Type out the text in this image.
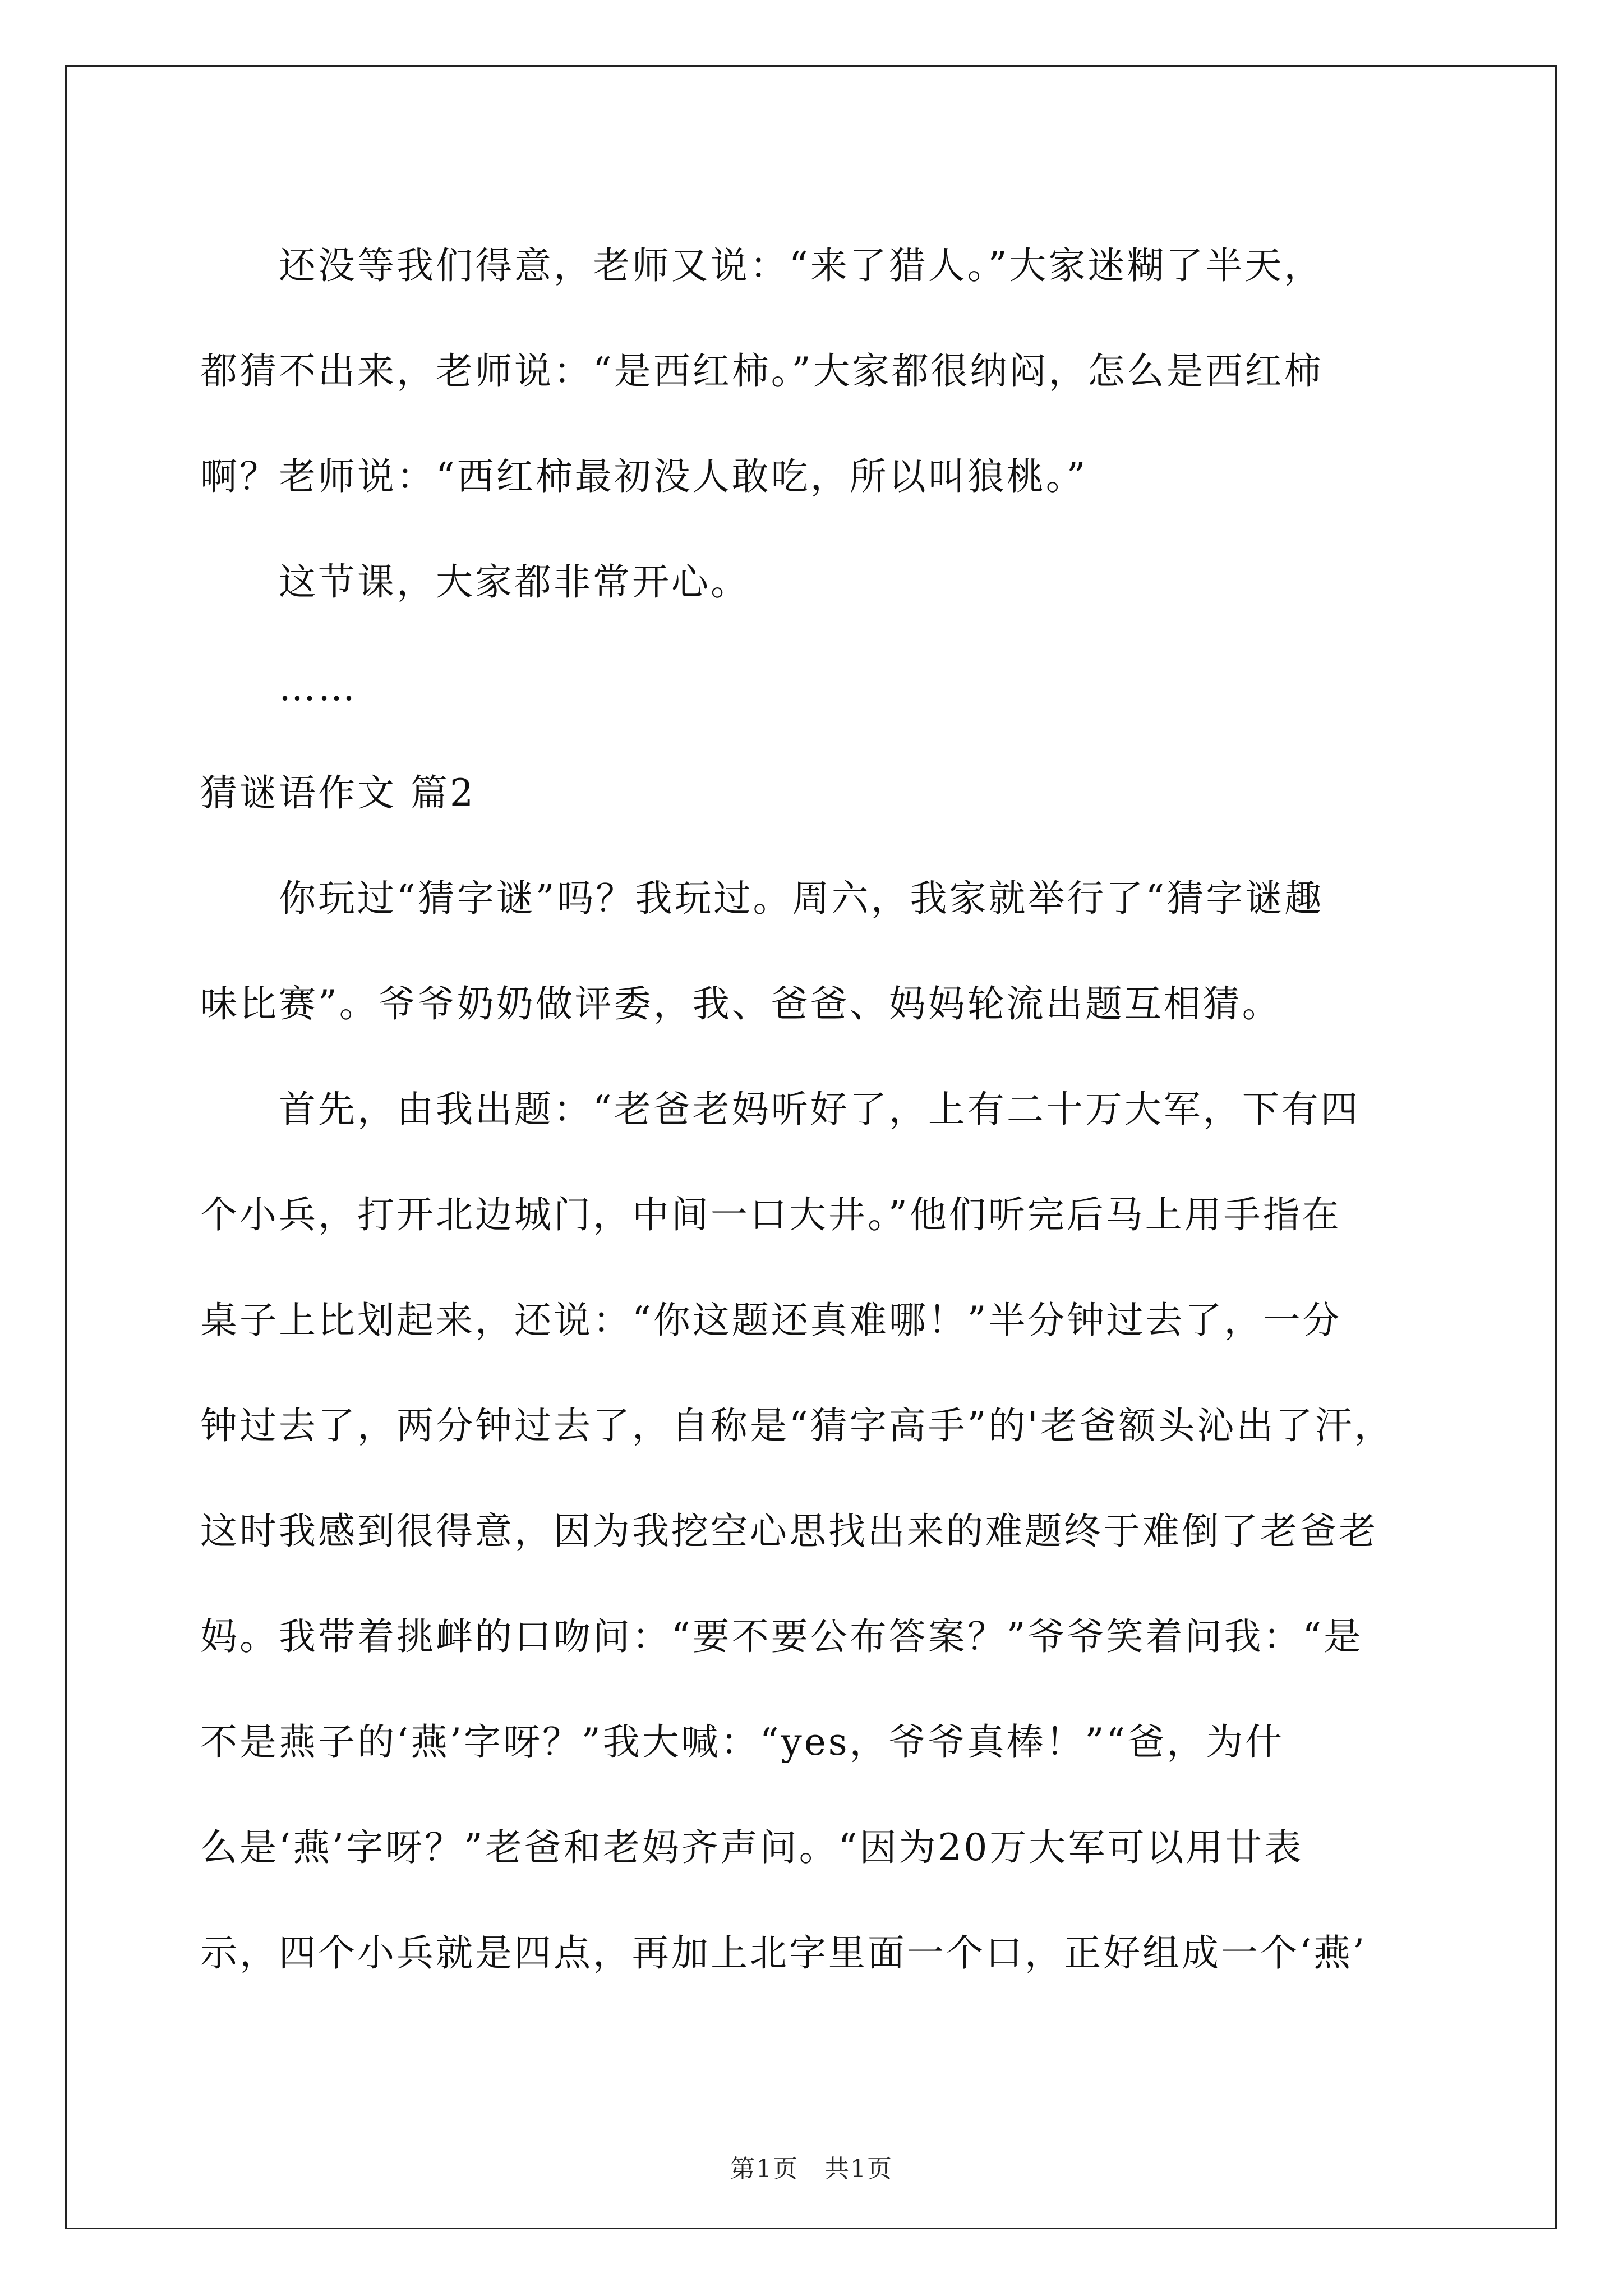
还没等我们得意，老师又说：“来了猎人。”大家迷糊了半天，
都猜不出来，老师说：“是西红柿。”大家都很纳闷，怎么是西红柿
啊？老师说：“西红柿最初没人敢吃，所以叫狼桃。”

这节课，大家都非常开心。

……

猜谜语作文 篇2

你玩过“猜字谜”吗？我玩过。周六，我家就举行了“猜字谜趣
味比赛”。爷爷奶奶做评委，我、爸爸、妈妈轮流出题互相猜。

首先，由我出题：“老爸老妈听好了，上有二十万大军，下有四
个小兵，打开北边城门，中间一口大井。”他们听完后马上用手指在
桌子上比划起来，还说：“你这题还真难哪！”半分钟过去了，一分
钟过去了，两分钟过去了，自称是“猜字高手”的'老爸额头沁出了汗，
这时我感到很得意，因为我挖空心思找出来的难题终于难倒了老爸老
妈。我带着挑衅的口吻问：“要不要公布答案？”爷爷笑着问我：“是
不是燕子的‘燕’字呀？”我大喊：“yes，爷爷真棒！”“爸，为什
么是‘燕’字呀？”老爸和老妈齐声问。“因为20万大军可以用廿表
示，四个小兵就是四点，再加上北字里面一个口，正好组成一个‘燕’

第1页　共1页
